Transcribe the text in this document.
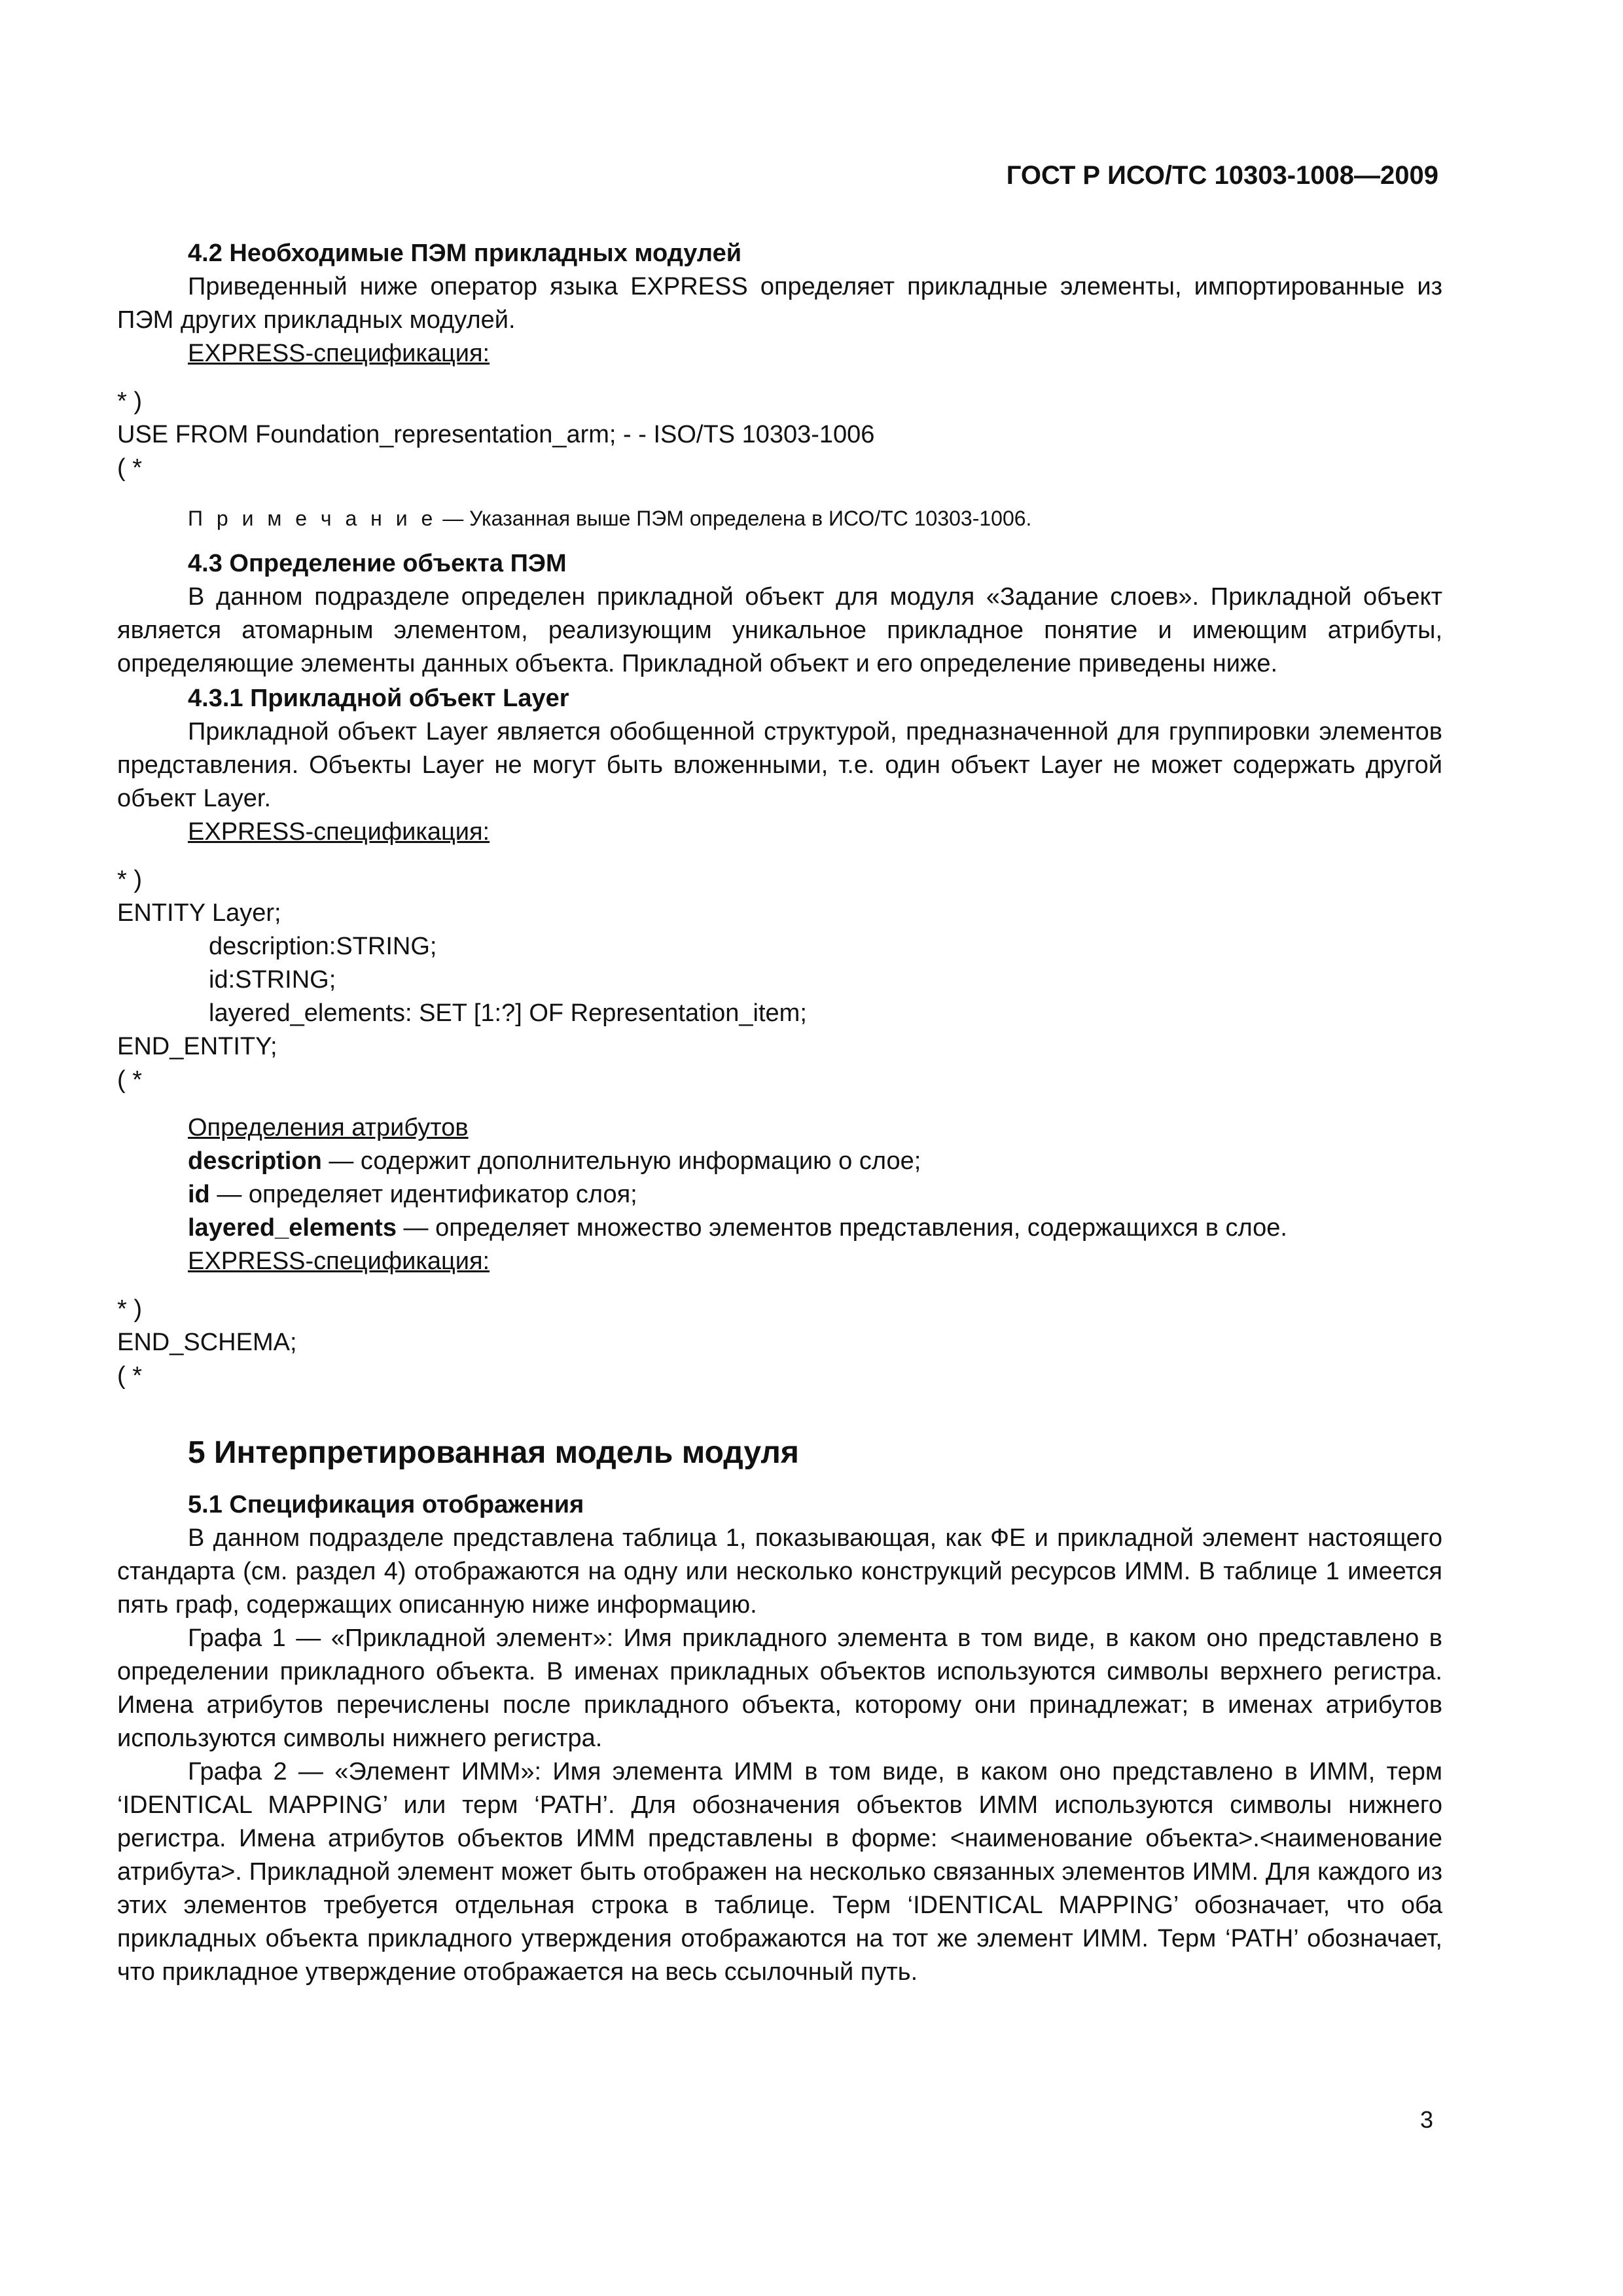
ГОСТ Р ИСО/ТС 10303-1008—2009

4.2 Необходимые ПЭМ прикладных модулей

Приведенный ниже оператор языка EXPRESS определяет прикладные элементы, импортированные из ПЭМ других прикладных модулей.

EXPRESS-спецификация:

* )

USE FROM Foundation_representation_arm; - - ISO/TS 10303-1006

( *

П р и м е ч а н и е — Указанная выше ПЭМ определена в ИСО/ТС 10303-1006.

4.3 Определение объекта ПЭМ

В данном подразделе определен прикладной объект для модуля «Задание слоев». Прикладной объект является атомарным элементом, реализующим уникальное прикладное понятие и имеющим атрибуты, определяющие элементы данных объекта. Прикладной объект и его определение приведены ниже.

4.3.1 Прикладной объект Layer

Прикладной объект Layer является обобщенной структурой, предназначенной для группировки элементов представления. Объекты Layer не могут быть вложенными, т.е. один объект Layer не может содержать другой объект Layer.

EXPRESS-спецификация:

* )

ENTITY Layer;

description:STRING;

id:STRING;

layered_elements: SET [1:?] OF Representation_item;

END_ENTITY;

( *

Определения атрибутов

description — содержит дополнительную информацию о слое;

id — определяет идентификатор слоя;

layered_elements — определяет множество элементов представления, содержащихся в слое.

EXPRESS-спецификация:

* )

END_SCHEMA;

( *

5 Интерпретированная модель модуля

5.1 Спецификация отображения

В данном подразделе представлена таблица 1, показывающая, как ФЕ и прикладной элемент настоящего стандарта (см. раздел 4) отображаются на одну или несколько конструкций ресурсов ИММ. В таблице 1 имеется пять граф, содержащих описанную ниже информацию.

Графа 1 — «Прикладной элемент»: Имя прикладного элемента в том виде, в каком оно представлено в определении прикладного объекта. В именах прикладных объектов используются символы верхнего регистра. Имена атрибутов перечислены после прикладного объекта, которому они принадлежат; в именах атрибутов используются символы нижнего регистра.

Графа 2 — «Элемент ИММ»: Имя элемента ИММ в том виде, в каком оно представлено в ИММ, терм ‘IDENTICAL MAPPING’ или терм ‘PATH’. Для обозначения объектов ИММ используются символы нижнего регистра. Имена атрибутов объектов ИММ представлены в форме: <наименование объекта>.<наименование атрибута>. Прикладной элемент может быть отображен на несколько связанных элементов ИММ. Для каждого из этих элементов требуется отдельная строка в таблице. Терм ‘IDENTICAL MAPPING’ обозначает, что оба прикладных объекта прикладного утверждения отображаются на тот же элемент ИММ. Терм ‘PATH’ обозначает, что прикладное утверждение отображается на весь ссылочный путь.

3
